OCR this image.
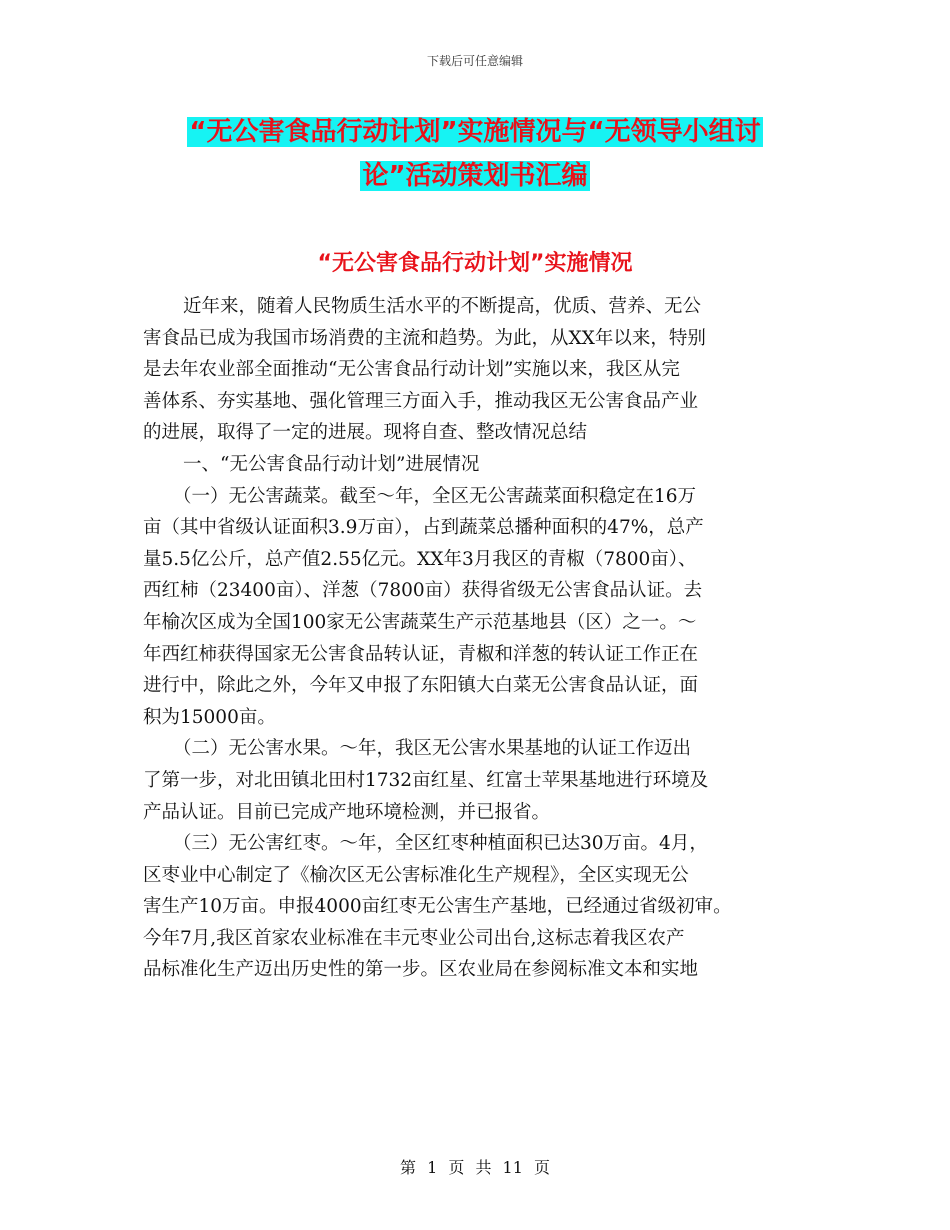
下载后可任意编辑
“无公害食品行动计划”实施情况与“无领导小组讨
论”活动策划书汇编
“无公害食品行动计划”实施情况
近年来，随着人民物质生活水平的不断提高，优质、营养、无公
害食品已成为我国市场消费的主流和趋势。为此，从XX年以来，特别
是去年农业部全面推动“无公害食品行动计划”实施以来，我区从完
善体系、夯实基地、强化管理三方面入手，推动我区无公害食品产业
的进展，取得了一定的进展。现将自查、整改情况总结
一、“无公害食品行动计划”进展情况
（一）无公害蔬菜。截至～年，全区无公害蔬菜面积稳定在16万
亩（其中省级认证面积3.9万亩），占到蔬菜总播种面积的47%，总产
量5.5亿公斤，总产值2.55亿元。XX年3月我区的青椒（7800亩）、
西红柿（23400亩）、洋葱（7800亩）获得省级无公害食品认证。去
年榆次区成为全国100家无公害蔬菜生产示范基地县（区）之一。～
年西红柿获得国家无公害食品转认证，青椒和洋葱的转认证工作正在
进行中，除此之外，今年又申报了东阳镇大白菜无公害食品认证，面
积为15000亩。
（二）无公害水果。～年，我区无公害水果基地的认证工作迈出
了第一步，对北田镇北田村1732亩红星、红富士苹果基地进行环境及
产品认证。目前已完成产地环境检测，并已报省。
（三）无公害红枣。～年，全区红枣种植面积已达30万亩。4月，
区枣业中心制定了《榆次区无公害标准化生产规程》，全区实现无公
害生产10万亩。申报4000亩红枣无公害生产基地，已经通过省级初审。
今年7月,我区首家农业标准在丰元枣业公司出台,这标志着我区农产
品标准化生产迈出历史性的第一步。区农业局在参阅标准文本和实地
第 1 页 共 11 页
